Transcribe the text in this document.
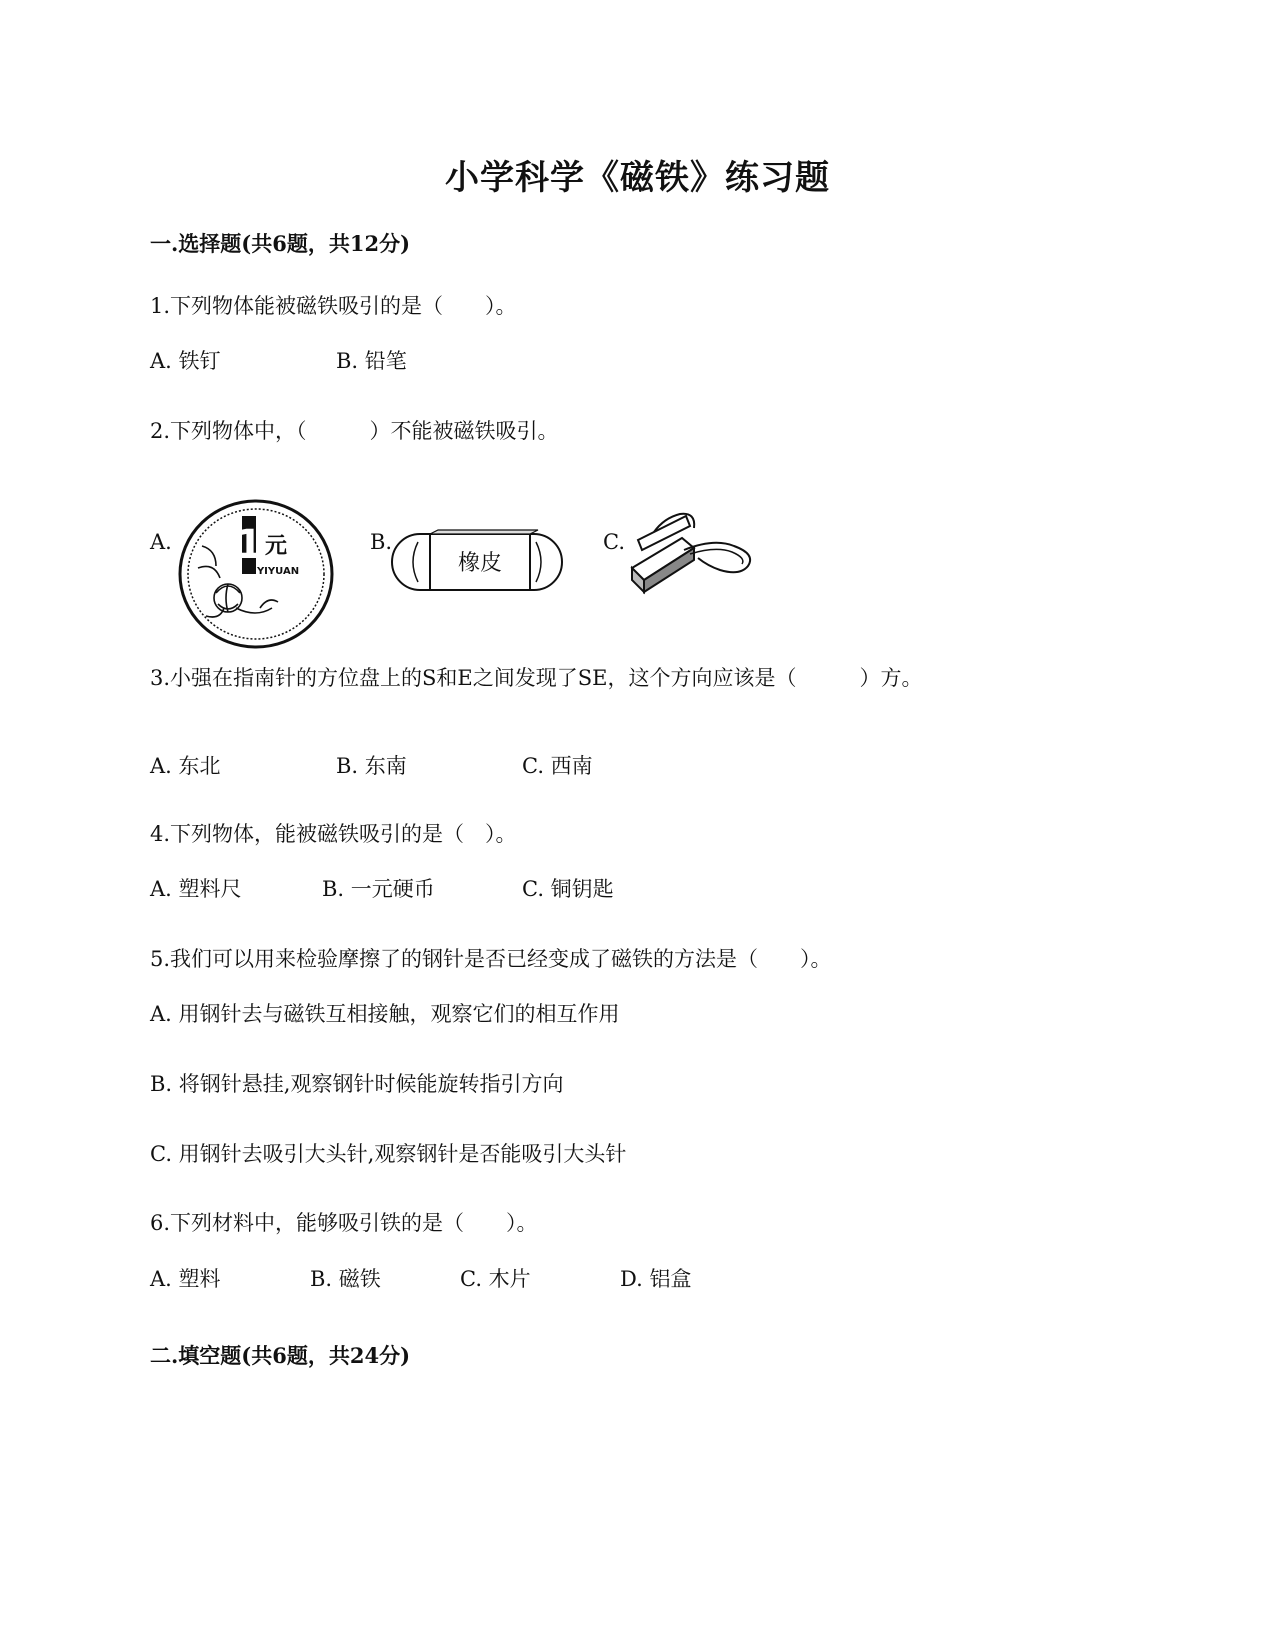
小学科学《磁铁》练习题
一.选择题(共6题，共12分)
1.下列物体能被磁铁吸引的是（　　）。
A. 铁钉	B. 铅笔
2.下列物体中，（　　　）不能被磁铁吸引。
A. 1 元
YIYUAN
B.
橡皮
C.
3.小强在指南针的方位盘上的S和E之间发现了SE，这个方向应该是（　　　）方。
A. 东北	B. 东南	C. 西南
4.下列物体，能被磁铁吸引的是（　）。
A. 塑料尺	B. 一元硬币	C. 铜钥匙
5.我们可以用来检验摩擦了的钢针是否已经变成了磁铁的方法是（　　）。
A. 用钢针去与磁铁互相接触，观察它们的相互作用
B. 将钢针悬挂,观察钢针时候能旋转指引方向
C. 用钢针去吸引大头针,观察钢针是否能吸引大头针
6.下列材料中，能够吸引铁的是（　　）。
A. 塑料	B. 磁铁	C. 木片	D. 铝盒
二.填空题(共6题，共24分)
